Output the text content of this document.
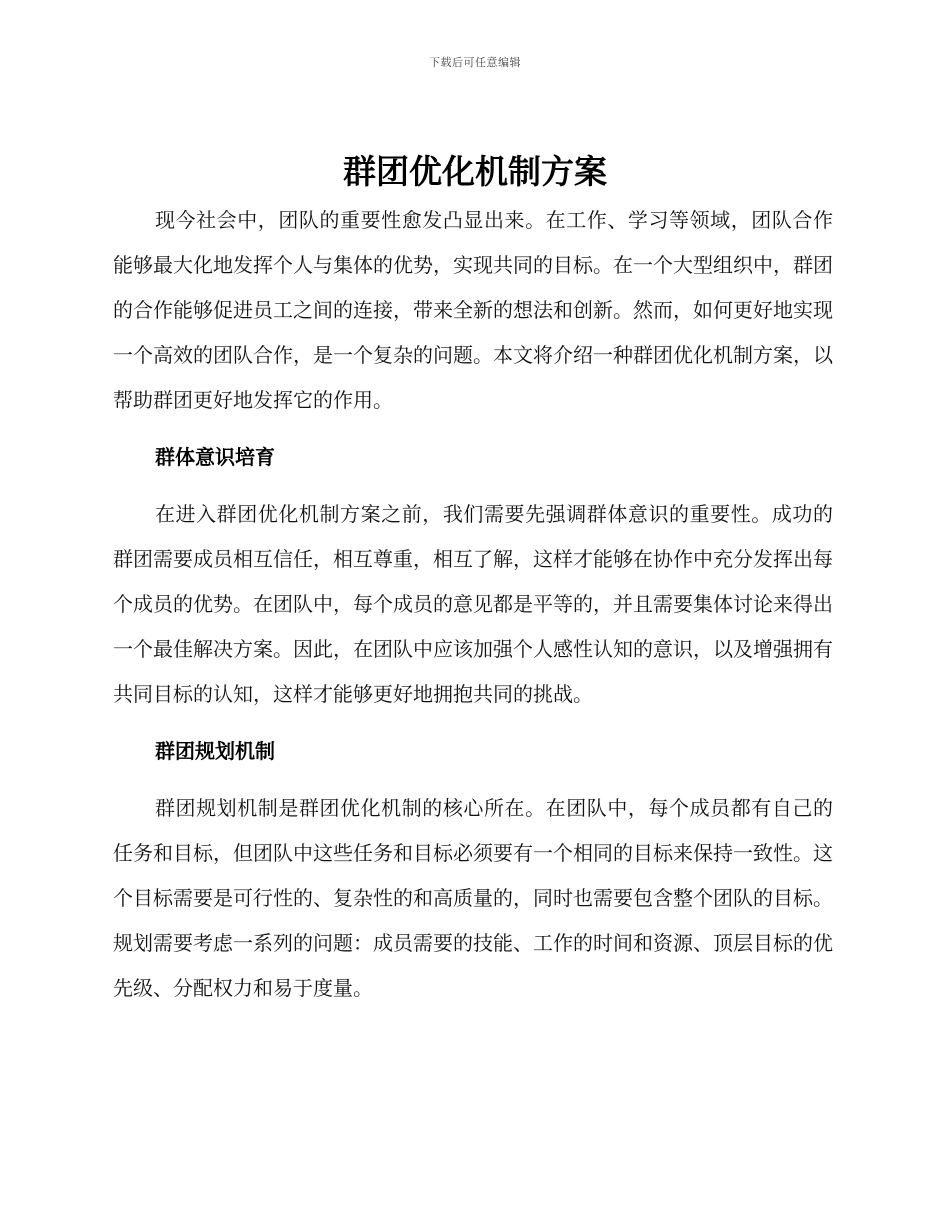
下载后可任意编辑
群团优化机制方案

现今社会中，团队的重要性愈发凸显出来。在工作、学习等领域，团队合作能够最大化地发挥个人与集体的优势，实现共同的目标。在一个大型组织中，群团的合作能够促进员工之间的连接，带来全新的想法和创新。然而，如何更好地实现一个高效的团队合作，是一个复杂的问题。本文将介绍一种群团优化机制方案，以帮助群团更好地发挥它的作用。

群体意识培育

在进入群团优化机制方案之前，我们需要先强调群体意识的重要性。成功的群团需要成员相互信任，相互尊重，相互了解，这样才能够在协作中充分发挥出每个成员的优势。在团队中，每个成员的意见都是平等的，并且需要集体讨论来得出一个最佳解决方案。因此，在团队中应该加强个人感性认知的意识，以及增强拥有共同目标的认知，这样才能够更好地拥抱共同的挑战。

群团规划机制

群团规划机制是群团优化机制的核心所在。在团队中，每个成员都有自己的任务和目标，但团队中这些任务和目标必须要有一个相同的目标来保持一致性。这个目标需要是可行性的、复杂性的和高质量的，同时也需要包含整个团队的目标。规划需要考虑一系列的问题：成员需要的技能、工作的时间和资源、顶层目标的优先级、分配权力和易于度量。
